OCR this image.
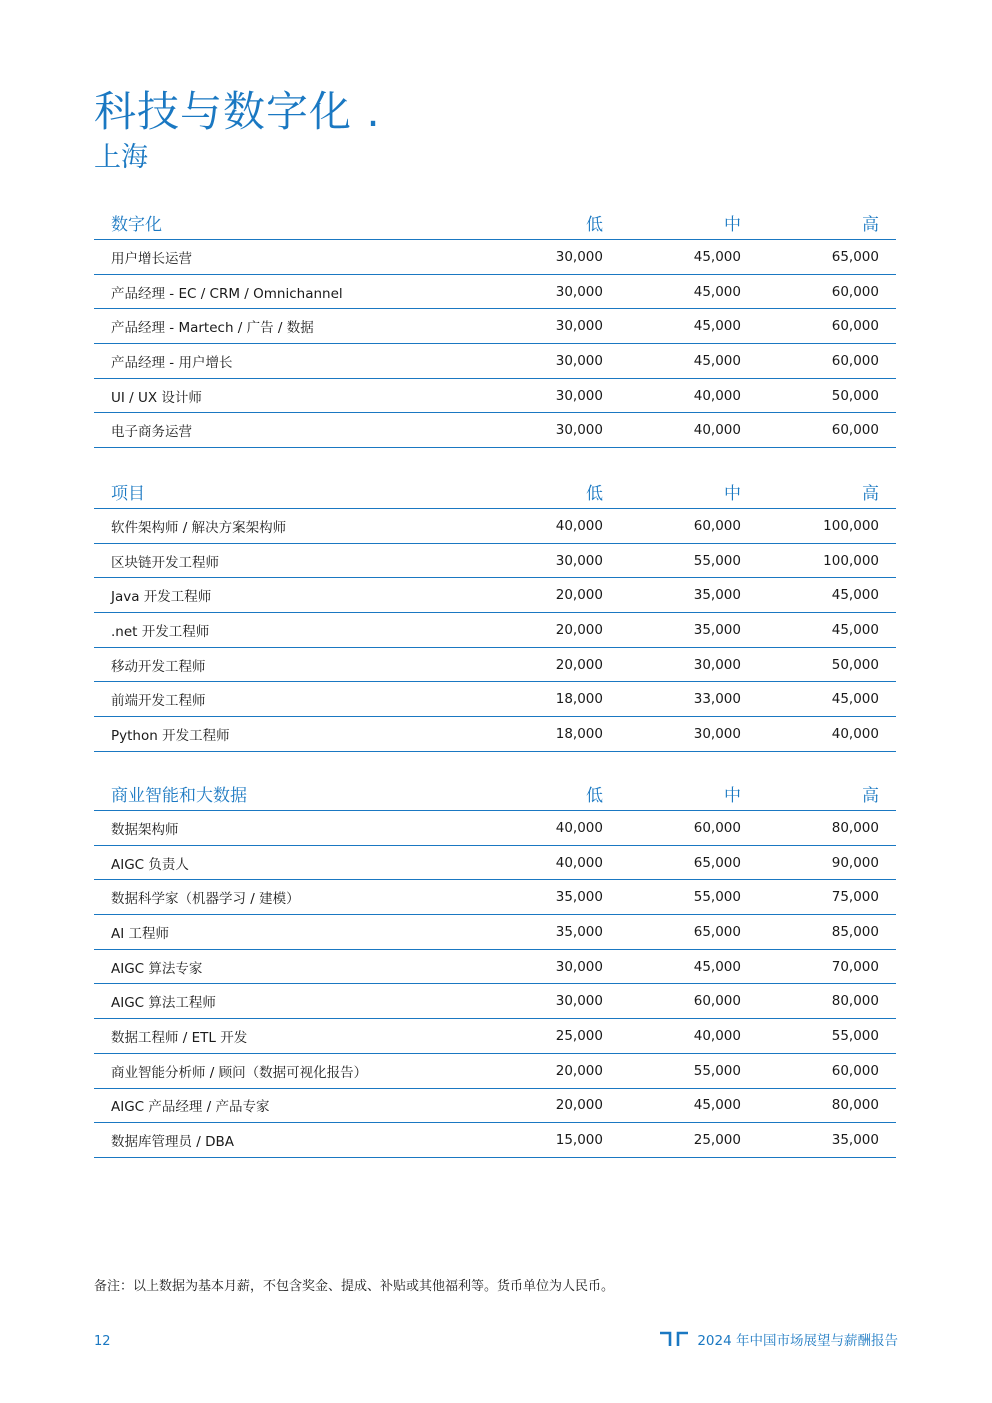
科技与数字化 .
上海
数字化	低	中	高
用户增长运营	30,000	45,000	65,000
产品经理 - EC / CRM / Omnichannel	30,000	45,000	60,000
产品经理 - Martech / 广告 / 数据	30,000	45,000	60,000
产品经理 - 用户增长	30,000	45,000	60,000
UI / UX 设计师	30,000	40,000	50,000
电子商务运营	30,000	40,000	60,000
项目	低	中	高
软件架构师 / 解决方案架构师	40,000	60,000	100,000
区块链开发工程师	30,000	55,000	100,000
Java 开发工程师	20,000	35,000	45,000
.net 开发工程师	20,000	35,000	45,000
移动开发工程师	20,000	30,000	50,000
前端开发工程师	18,000	33,000	45,000
Python 开发工程师	18,000	30,000	40,000
商业智能和大数据	低	中	高
数据架构师	40,000	60,000	80,000
AIGC 负责人	40,000	65,000	90,000
数据科学家（机器学习 / 建模）	35,000	55,000	75,000
AI 工程师	35,000	65,000	85,000
AIGC 算法专家	30,000	45,000	70,000
AIGC 算法工程师	30,000	60,000	80,000
数据工程师 / ETL 开发	25,000	40,000	55,000
商业智能分析师 / 顾问（数据可视化报告）	20,000	55,000	60,000
AIGC 产品经理 / 产品专家	20,000	45,000	80,000
数据库管理员 / DBA	15,000	25,000	35,000
备注：以上数据为基本月薪，不包含奖金、提成、补贴或其他福利等。货币单位为人民币。
12	2024 年中国市场展望与薪酬报告
